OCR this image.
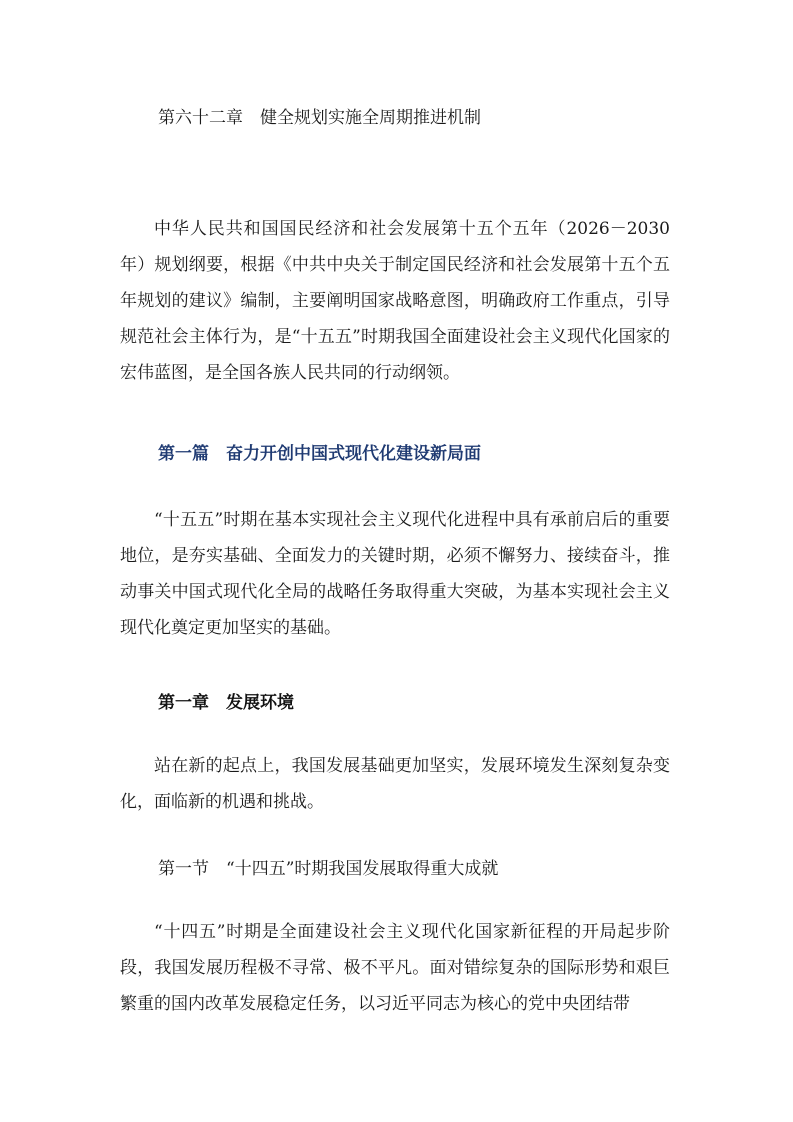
第六十二章　健全规划实施全周期推进机制

中华人民共和国国民经济和社会发展第十五个五年（2026－2030年）规划纲要，根据《中共中央关于制定国民经济和社会发展第十五个五年规划的建议》编制，主要阐明国家战略意图，明确政府工作重点，引导规范社会主体行为，是“十五五”时期我国全面建设社会主义现代化国家的宏伟蓝图，是全国各族人民共同的行动纲领。

第一篇　奋力开创中国式现代化建设新局面

“十五五”时期在基本实现社会主义现代化进程中具有承前启后的重要地位，是夯实基础、全面发力的关键时期，必须不懈努力、接续奋斗，推动事关中国式现代化全局的战略任务取得重大突破，为基本实现社会主义现代化奠定更加坚实的基础。

第一章　发展环境

站在新的起点上，我国发展基础更加坚实，发展环境发生深刻复杂变化，面临新的机遇和挑战。

第一节　“十四五”时期我国发展取得重大成就

“十四五”时期是全面建设社会主义现代化国家新征程的开局起步阶段，我国发展历程极不寻常、极不平凡。面对错综复杂的国际形势和艰巨繁重的国内改革发展稳定任务，以习近平同志为核心的党中央团结带
